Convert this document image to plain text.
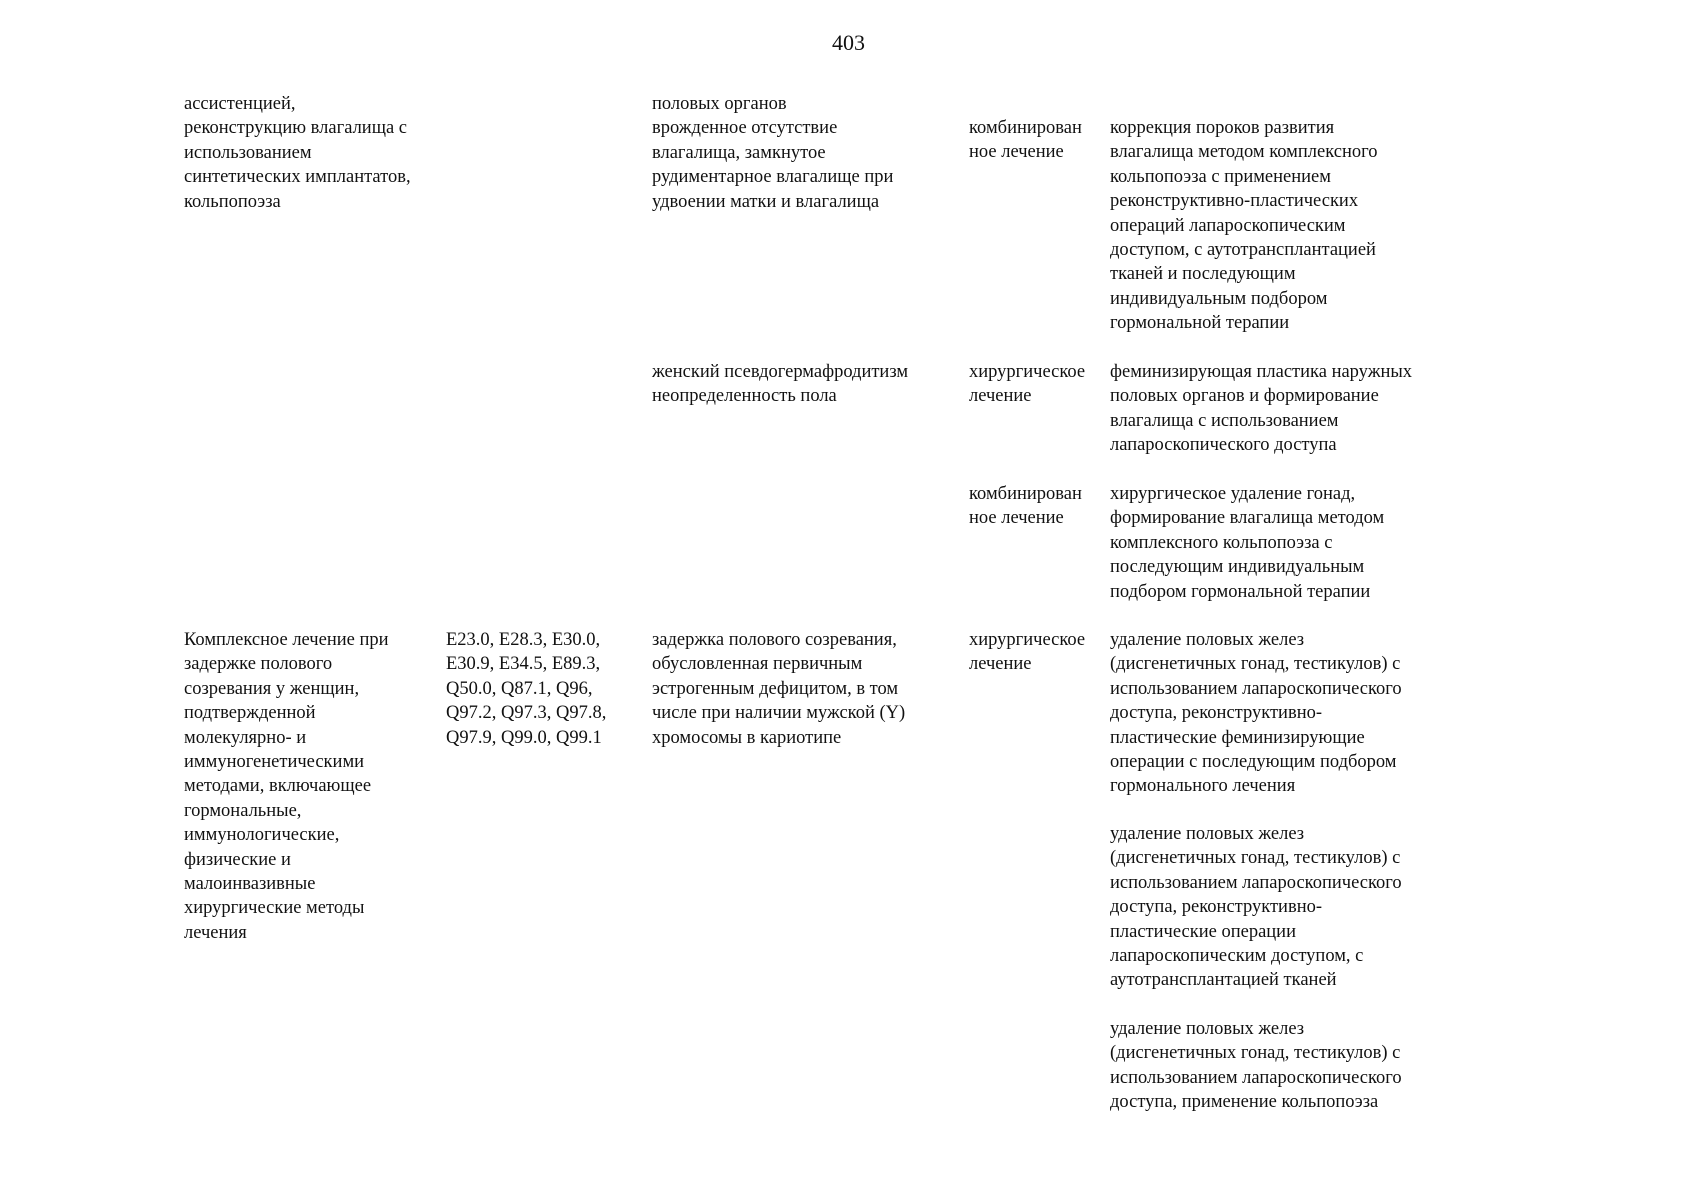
403
ассистенцией,
реконструкцию влагалища с
использованием
синтетических имплантатов,
кольпопоэза
половых органов
врожденное отсутствие
влагалища, замкнутое
рудиментарное влагалище при
удвоении матки и влагалища
комбинирован
ное лечение
коррекция пороков развития
влагалища методом комплексного
кольпопоэза с применением
реконструктивно-пластических
операций лапароскопическим
доступом, с аутотрансплантацией
тканей и последующим
индивидуальным подбором
гормональной терапии
женский псевдогермафродитизм
неопределенность пола
хирургическое
лечение
феминизирующая пластика наружных
половых органов и формирование
влагалища с использованием
лапароскопического доступа
комбинирован
ное лечение
хирургическое удаление гонад,
формирование влагалища методом
комплексного кольпопоэза с
последующим индивидуальным
подбором гормональной терапии
Комплексное лечение при
задержке полового
созревания у женщин,
подтвержденной
молекулярно- и
иммуногенетическими
методами, включающее
гормональные,
иммунологические,
физические и
малоинвазивные
хирургические методы
лечения
E23.0, E28.3, E30.0,
E30.9, E34.5, E89.3,
Q50.0, Q87.1, Q96,
Q97.2, Q97.3, Q97.8,
Q97.9, Q99.0, Q99.1
задержка полового созревания,
обусловленная первичным
эстрогенным дефицитом, в том
числе при наличии мужской (Y)
хромосомы в кариотипе
хирургическое
лечение
удаление половых желез
(дисгенетичных гонад, тестикулов) с
использованием лапароскопического
доступа, реконструктивно-
пластические феминизирующие
операции с последующим подбором
гормонального лечения
удаление половых желез
(дисгенетичных гонад, тестикулов) с
использованием лапароскопического
доступа, реконструктивно-
пластические операции
лапароскопическим доступом, с
аутотрансплантацией тканей
удаление половых желез
(дисгенетичных гонад, тестикулов) с
использованием лапароскопического
доступа, применение кольпопоэза
